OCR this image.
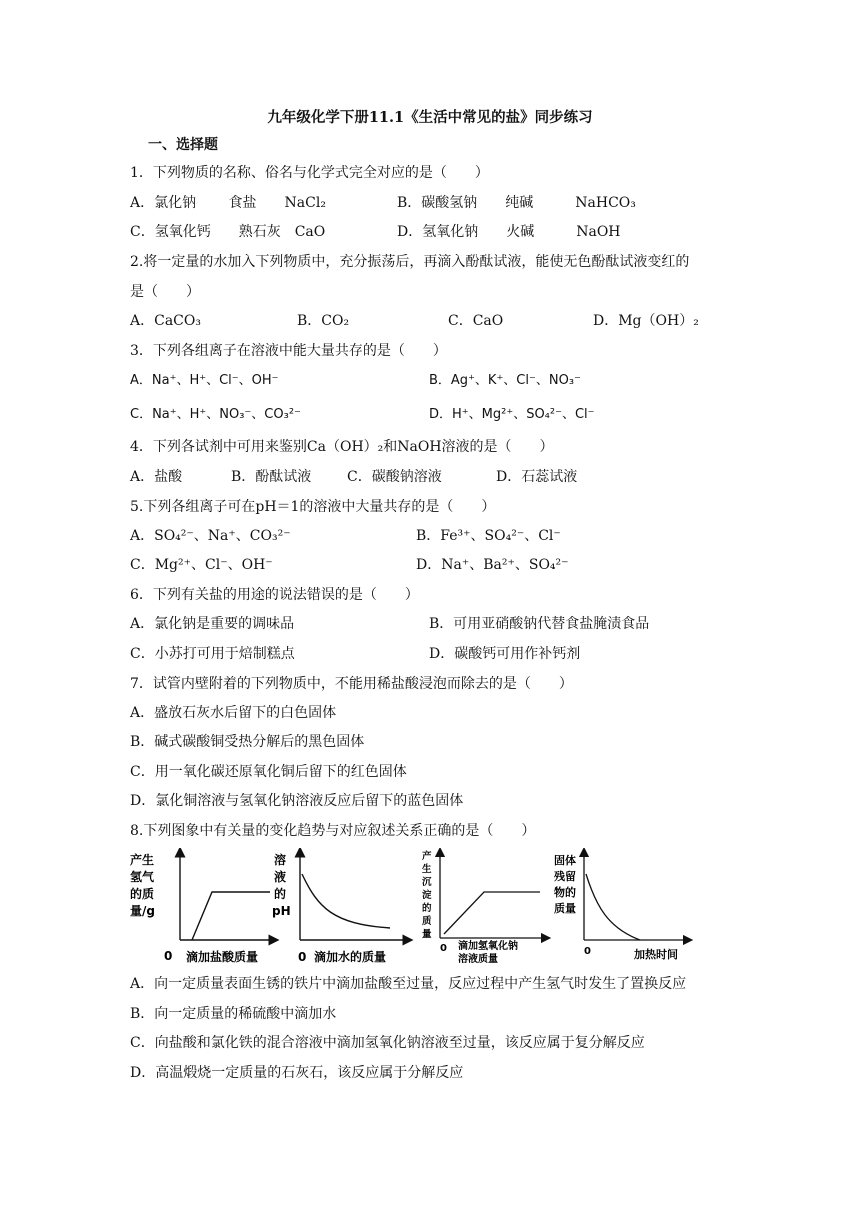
九年级化学下册11.1《生活中常见的盐》同步练习
一、选择题
1．下列物质的名称、俗名与化学式完全对应的是（　　）
A．氯化钠　　 食盐　　NaCl₂	B．碳酸氢钠　　纯碱　　　NaHCO₃
C．氢氧化钙　　熟石灰　CaO	D．氢氧化钠　　火碱　　　NaOH
2.将一定量的水加入下列物质中，充分振荡后，再滴入酚酞试液，能使无色酚酞试液变红的
是（　　）
A．CaCO₃	B．CO₂	C．CaO	D．Mg（OH）₂
3．下列各组离子在溶液中能大量共存的是（　　）
A．Na⁺、H⁺、Cl⁻、OH⁻	B．Ag⁺、K⁺、Cl⁻、NO₃⁻
C．Na⁺、H⁺、NO₃⁻、CO₃²⁻	D．H⁺、Mg²⁺、SO₄²⁻、Cl⁻
4．下列各试剂中可用来鉴别Ca（OH）₂和NaOH溶液的是（　　）
A．盐酸	B．酚酞试液	C．碳酸钠溶液	D．石蕊试液
5.下列各组离子可在pH＝1的溶液中大量共存的是（　　）
A．SO₄²⁻、Na⁺、CO₃²⁻	B．Fe³⁺、SO₄²⁻、Cl⁻
C．Mg²⁺、Cl⁻、OH⁻	D．Na⁺、Ba²⁺、SO₄²⁻
6．下列有关盐的用途的说法错误的是（　　）
A．氯化钠是重要的调味品	B．可用亚硝酸钠代替食盐腌渍食品
C．小苏打可用于焙制糕点	D．碳酸钙可用作补钙剂
7．试管内壁附着的下列物质中，不能用稀盐酸浸泡而除去的是（　　）
A．盛放石灰水后留下的白色固体
B．碱式碳酸铜受热分解后的黑色固体
C．用一氧化碳还原氧化铜后留下的红色固体
D．氯化铜溶液与氢氧化钠溶液反应后留下的蓝色固体
8.下列图象中有关量的变化趋势与对应叙述关系正确的是（　　）
产生
氢气
的质
量/g
0 滴加盐酸质量
溶
液
的
pH
0 滴加水的质量
产
生
沉
淀
的
质
量
0 滴加氢氧化钠
溶液质量
固体
残留
物的
质量
0	加热时间
A．向一定质量表面生锈的铁片中滴加盐酸至过量，反应过程中产生氢气时发生了置换反应
B．向一定质量的稀硫酸中滴加水
C．向盐酸和氯化铁的混合溶液中滴加氢氧化钠溶液至过量，该反应属于复分解反应
D．高温煅烧一定质量的石灰石，该反应属于分解反应
